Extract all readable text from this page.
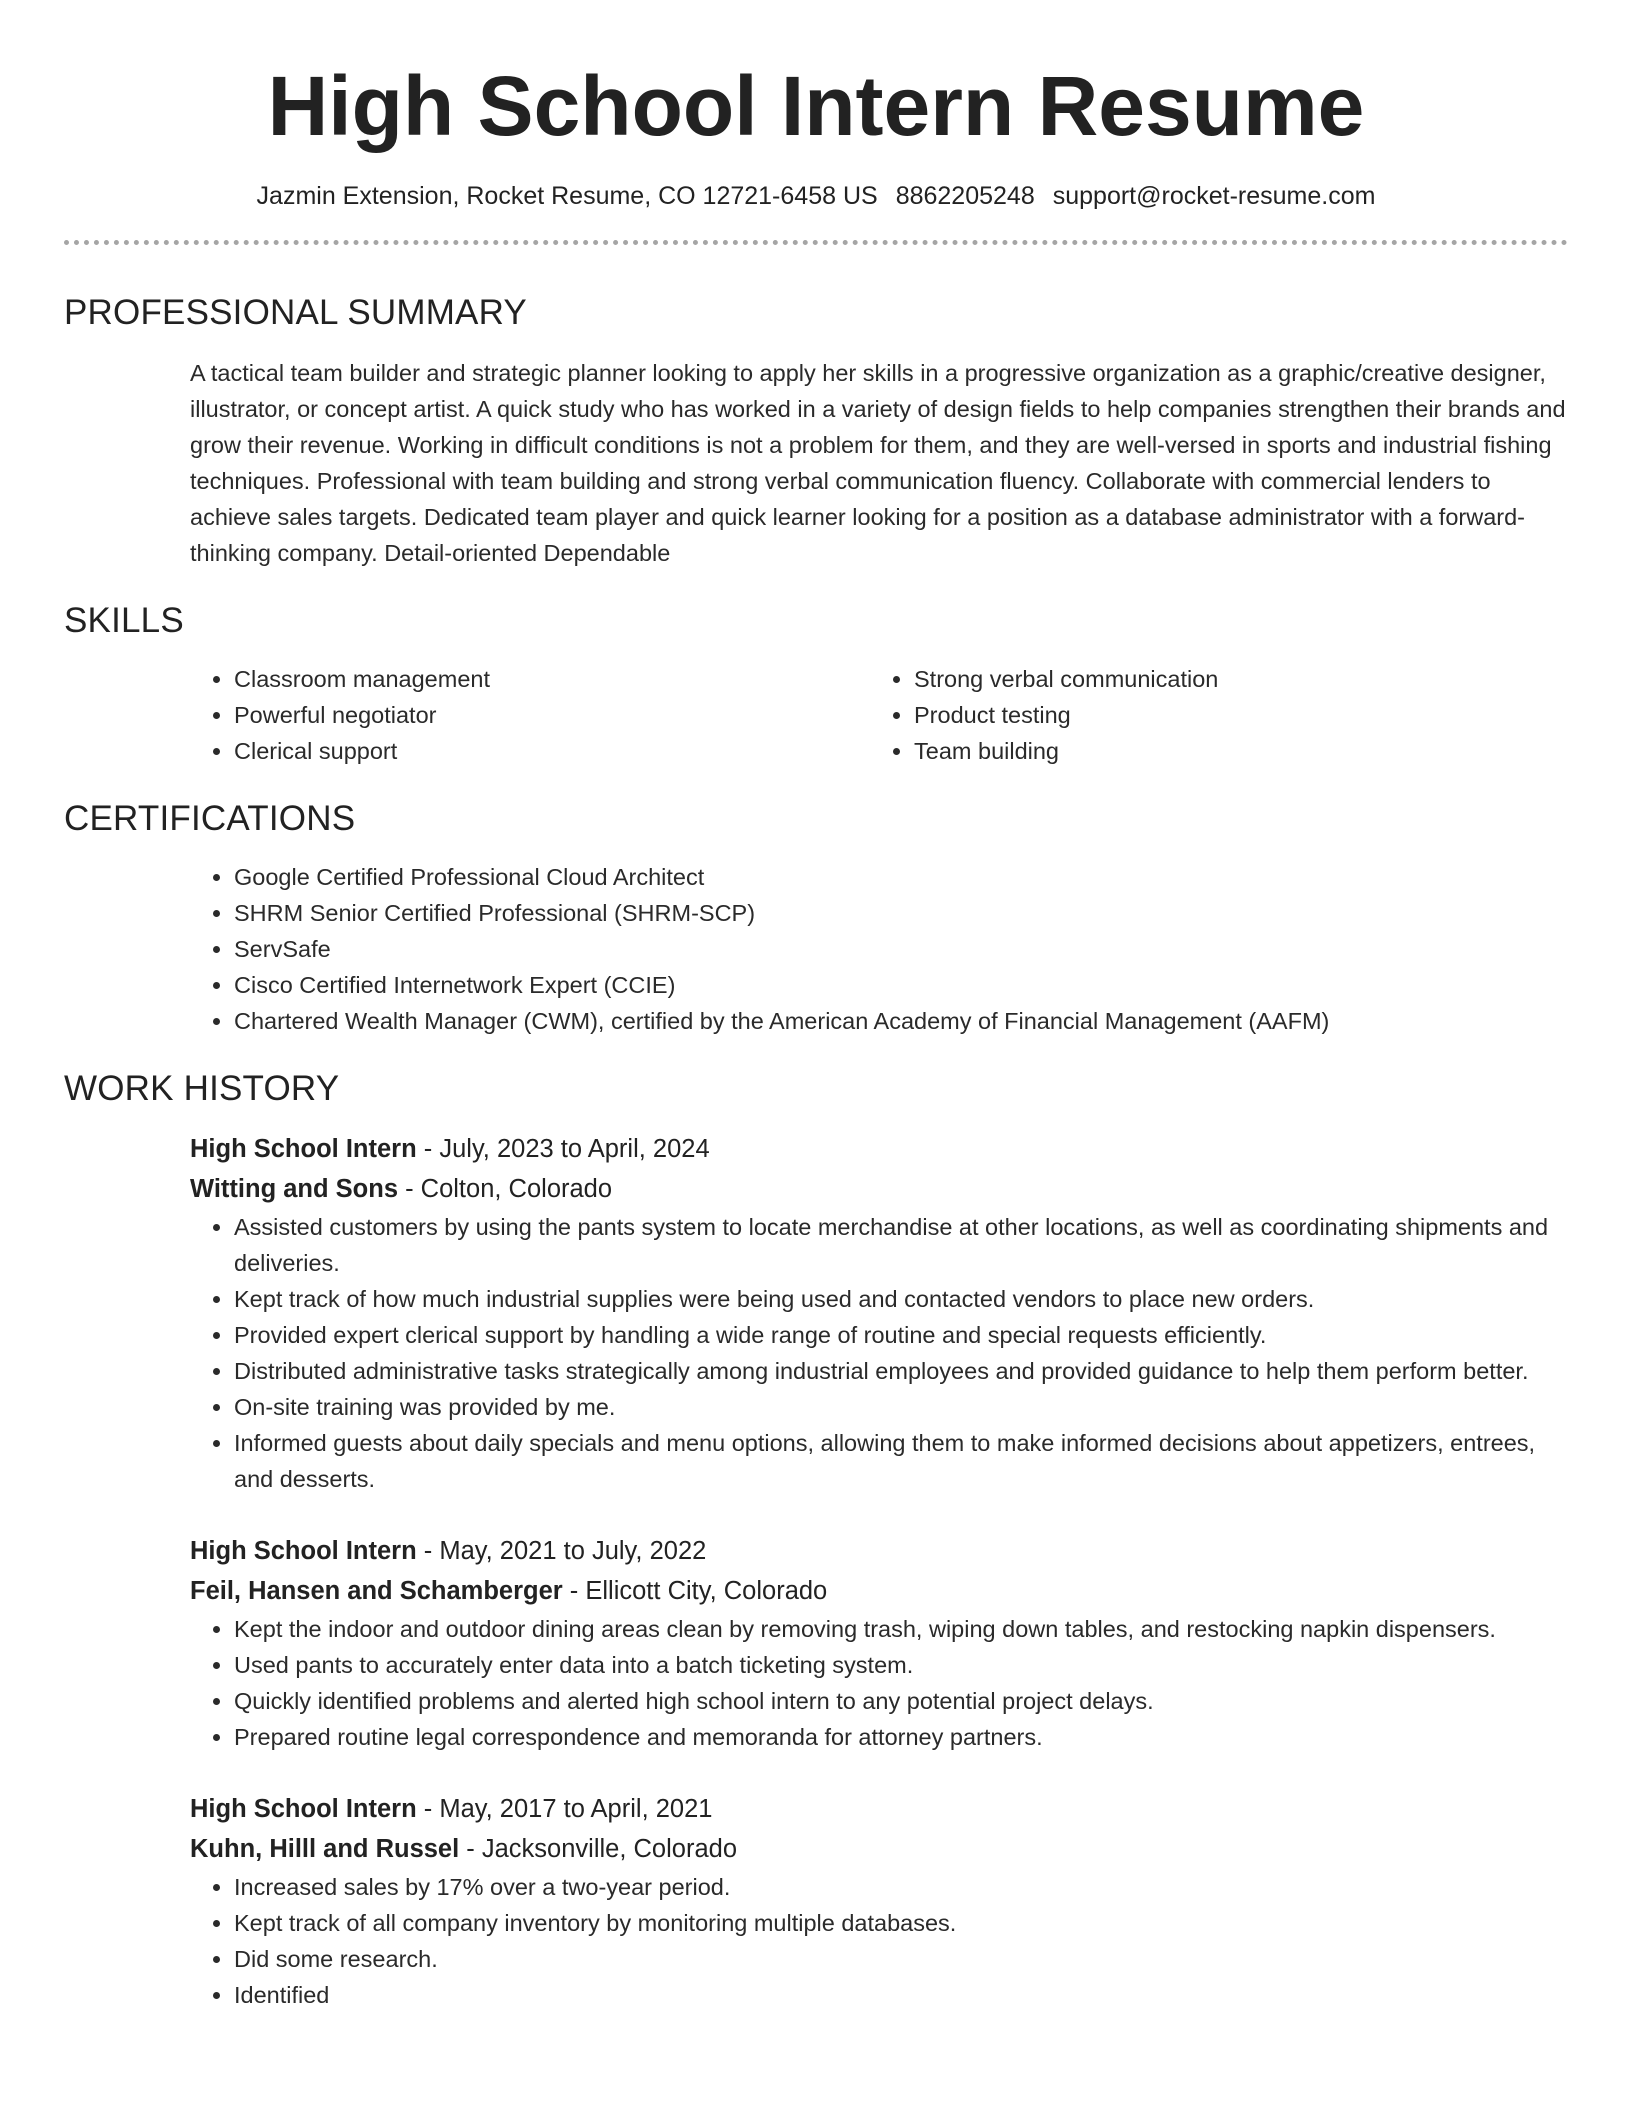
High School Intern Resume
Jazmin Extension, Rocket Resume, CO 12721-6458 US 8862205248 support@rocket-resume.com
PROFESSIONAL SUMMARY
A tactical team builder and strategic planner looking to apply her skills in a progressive organization as a graphic/creative designer, illustrator, or concept artist. A quick study who has worked in a variety of design fields to help companies strengthen their brands and grow their revenue. Working in difficult conditions is not a problem for them, and they are well-versed in sports and industrial fishing techniques. Professional with team building and strong verbal communication fluency. Collaborate with commercial lenders to achieve sales targets. Dedicated team player and quick learner looking for a position as a database administrator with a forward-thinking company. Detail-oriented Dependable
SKILLS
• Classroom management
• Powerful negotiator
• Clerical support
• Strong verbal communication
• Product testing
• Team building
CERTIFICATIONS
• Google Certified Professional Cloud Architect
• SHRM Senior Certified Professional (SHRM-SCP)
• ServSafe
• Cisco Certified Internetwork Expert (CCIE)
• Chartered Wealth Manager (CWM), certified by the American Academy of Financial Management (AAFM)
WORK HISTORY
High School Intern - July, 2023 to April, 2024
Witting and Sons - Colton, Colorado
• Assisted customers by using the pants system to locate merchandise at other locations, as well as coordinating shipments and deliveries.
• Kept track of how much industrial supplies were being used and contacted vendors to place new orders.
• Provided expert clerical support by handling a wide range of routine and special requests efficiently.
• Distributed administrative tasks strategically among industrial employees and provided guidance to help them perform better.
• On-site training was provided by me.
• Informed guests about daily specials and menu options, allowing them to make informed decisions about appetizers, entrees, and desserts.
High School Intern - May, 2021 to July, 2022
Feil, Hansen and Schamberger - Ellicott City, Colorado
• Kept the indoor and outdoor dining areas clean by removing trash, wiping down tables, and restocking napkin dispensers.
• Used pants to accurately enter data into a batch ticketing system.
• Quickly identified problems and alerted high school intern to any potential project delays.
• Prepared routine legal correspondence and memoranda for attorney partners.
High School Intern - May, 2017 to April, 2021
Kuhn, Hilll and Russel - Jacksonville, Colorado
• Increased sales by 17% over a two-year period.
• Kept track of all company inventory by monitoring multiple databases.
• Did some research.
• Identified
